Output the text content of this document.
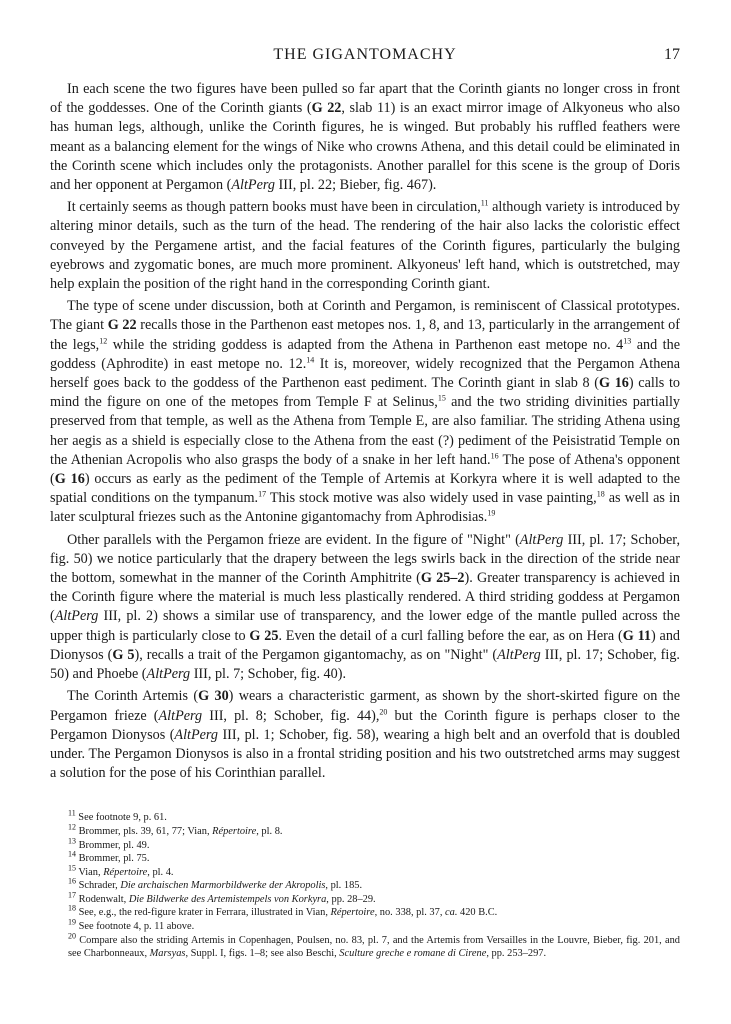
THE GIGANTOMACHY	17

In each scene the two figures have been pulled so far apart that the Corinth giants no longer cross in front of the goddesses. One of the Corinth giants (G 22, slab 11) is an exact mirror image of Alkyoneus who also has human legs, although, unlike the Corinth figures, he is winged. But probably his ruffled feathers were meant as a balancing element for the wings of Nike who crowns Athena, and this detail could be eliminated in the Corinth scene which includes only the protagonists. Another parallel for this scene is the group of Doris and her opponent at Pergamon (AltPerg III, pl. 22; Bieber, fig. 467).

It certainly seems as though pattern books must have been in circulation,$^{11}$ although variety is introduced by altering minor details, such as the turn of the head. The rendering of the hair also lacks the coloristic effect conveyed by the Pergamene artist, and the facial features of the Corinth figures, particularly the bulging eyebrows and zygomatic bones, are much more prominent. Alkyoneus' left hand, which is outstretched, may help explain the position of the right hand in the corresponding Corinth giant.

The type of scene under discussion, both at Corinth and Pergamon, is reminiscent of Classical prototypes. The giant G 22 recalls those in the Parthenon east metopes nos. 1, 8, and 13, particularly in the arrangement of the legs,$^{12}$ while the striding goddess is adapted from the Athena in Parthenon east metope no. $4^{13}$ and the goddess (Aphrodite) in east metope no. 12.14 It is, moreover, widely recognized that the Pergamon Athena herself goes back to the goddess of the Parthenon east pediment. The Corinth giant in slab 8 (G 16) calls to mind the figure on one of the metopes from Temple F at Selinus,$^{15}$ and the two striding divinities partially preserved from that temple, as well as the Athena from Temple E, are also familiar. The striding Athena using her aegis as a shield is especially close to the Athena from the east (?) pediment of the Peisistratid Temple on the Athenian Acropolis who also grasps the body of a snake in her left hand.$^{16}$ The pose of Athena's opponent (G 16) occurs as early as the pediment of the Temple of Artemis at Korkyra where it is well adapted to the spatial conditions on the tympanum.$^{17}$ This stock motive was also widely used in vase painting,$^{18}$ as well as in later sculptural friezes such as the Antonine gigantomachy from Aphrodisias.$^{19}$

Other parallels with the Pergamon frieze are evident. In the figure of "Night" (AltPerg III, pl. 17; Schober, fig. 50) we notice particularly that the drapery between the legs swirls back in the direction of the stride near the bottom, somewhat in the manner of the Corinth Amphitrite (G 25–2). Greater transparency is achieved in the Corinth figure where the material is much less plastically rendered. A third striding goddess at Pergamon (AltPerg III, pl. 2) shows a similar use of transparency, and the lower edge of the mantle pulled across the upper thigh is particularly close to G 25. Even the detail of a curl falling before the ear, as on Hera (G 11) and Dionysos (G 5), recalls a trait of the Pergamon gigantomachy, as on "Night" (AltPerg III, pl. 17; Schober, fig. 50) and Phoebe (AltPerg III, pl. 7; Schober, fig. 40).

The Corinth Artemis (G 30) wears a characteristic garment, as shown by the short-skirted figure on the Pergamon frieze (AltPerg III, pl. 8; Schober, fig. 44),$^{20}$ but the Corinth figure is perhaps closer to the Pergamon Dionysos (AltPerg III, pl. 1; Schober, fig. 58), wearing a high belt and an overfold that is doubled under. The Pergamon Dionysos is also in a frontal striding position and his two outstretched arms may suggest a solution for the pose of his Corinthian parallel.

$^{11}$ See footnote 9, p. 61.

$^{12}$ Brommer, pls. 39, 61, 77; Vian, Répertoire, pl. 8.

$^{13}$ Brommer, pl. 49.

$^{14}$ Brommer, pl. 75.

$^{15}$ Vian, Répertoire, pl. 4.

$^{16}$ Schrader, Die archaischen Marmorbildwerke der Akropolis, pl. 185.

$^{17}$ Rodenwalt, Die Bildwerke des Artemistempels von Korkyra, pp. 28–29.

$^{18}$ See, e.g., the red-figure krater in Ferrara, illustrated in Vian, Répertoire, no. 338, pl. 37, ca. 420 B.C.

$^{19}$ See footnote 4, p. 11 above.

$^{20}$ Compare also the striding Artemis in Copenhagen, Poulsen, no. 83, pl. 7, and the Artemis from Versailles in the Louvre, Bieber, fig. 201, and see Charbonneaux, Marsyas, Suppl. I, figs. 1–8; see also Beschi, Sculture greche e romane di Cirene, pp. 253–297.
